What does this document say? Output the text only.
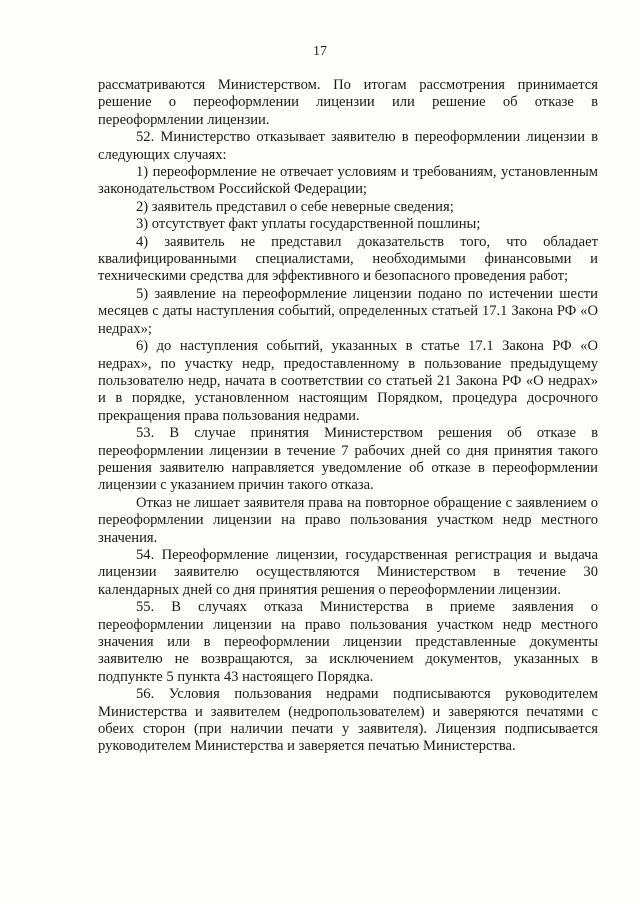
17

рассматриваются Министерством. По итогам рассмотрения принимается решение о переоформлении лицензии или решение об отказе в переоформлении лицензии.

52. Министерство отказывает заявителю в переоформлении лицензии в следующих случаях:

1) переоформление не отвечает условиям и требованиям, установленным законодательством Российской Федерации;

2) заявитель представил о себе неверные сведения;

3) отсутствует факт уплаты государственной пошлины;

4) заявитель не представил доказательств того, что обладает квалифицированными специалистами, необходимыми финансовыми и техническими средства для эффективного и безопасного проведения работ;

5) заявление на переоформление лицензии подано по истечении шести месяцев с даты наступления событий, определенных статьей 17.1 Закона РФ «О недрах»;

6) до наступления событий, указанных в статье 17.1 Закона РФ «О недрах», по участку недр, предоставленному в пользование предыдущему пользователю недр, начата в соответствии со статьей 21 Закона РФ «О недрах» и в порядке, установленном настоящим Порядком, процедура досрочного прекращения права пользования недрами.

53. В случае принятия Министерством решения об отказе в переоформлении лицензии в течение 7 рабочих дней со дня принятия такого решения заявителю направляется уведомление об отказе в переоформлении лицензии с указанием причин такого отказа.

Отказ не лишает заявителя права на повторное обращение с заявлением о переоформлении лицензии на право пользования участком недр местного значения.

54. Переоформление лицензии, государственная регистрация и выдача лицензии заявителю осуществляются Министерством в течение 30 календарных дней со дня принятия решения о переоформлении лицензии.

55. В случаях отказа Министерства в приеме заявления о переоформлении лицензии на право пользования участком недр местного значения или в переоформлении лицензии представленные документы заявителю не возвращаются, за исключением документов, указанных в подпункте 5 пункта 43 настоящего Порядка.

56. Условия пользования недрами подписываются руководителем Министерства и заявителем (недропользователем) и заверяются печатями с обеих сторон (при наличии печати у заявителя). Лицензия подписывается руководителем Министерства и заверяется печатью Министерства.
